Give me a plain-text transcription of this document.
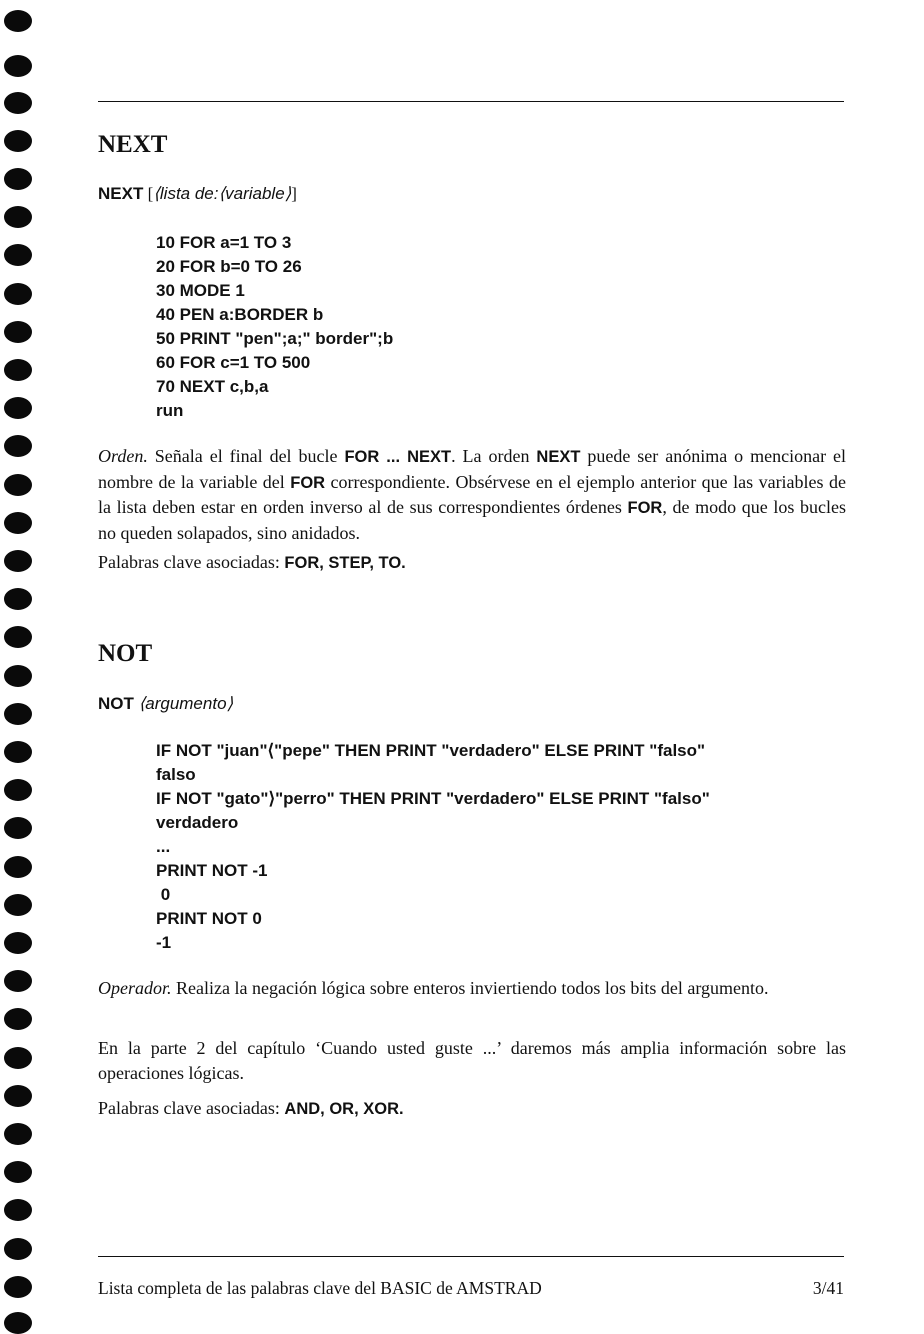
NEXT
NEXT [⟨lista de:⟨variable⟩]
10 FOR a=1 TO 3
20 FOR b=0 TO 26
30 MODE 1
40 PEN a:BORDER b
50 PRINT "pen";a;" border";b
60 FOR c=1 TO 500
70 NEXT c,b,a
run
Orden. Señala el final del bucle FOR ... NEXT. La orden NEXT puede ser anónima o mencionar el nombre de la variable del FOR correspondiente. Obsérvese en el ejemplo anterior que las variables de la lista deben estar en orden inverso al de sus correspondientes órdenes FOR, de modo que los bucles no queden solapados, sino anidados.
Palabras clave asociadas: FOR, STEP, TO.
NOT
NOT ⟨argumento⟩
IF NOT "juan"⟨"pepe" THEN PRINT "verdadero" ELSE PRINT "falso"
falso
IF NOT "gato"⟩"perro" THEN PRINT "verdadero" ELSE PRINT "falso"
verdadero
...
PRINT NOT -1
0
PRINT NOT 0
-1
Operador. Realiza la negación lógica sobre enteros inviertiendo todos los bits del argumento.
En la parte 2 del capítulo ‘Cuando usted guste ...’ daremos más amplia información sobre las operaciones lógicas.
Palabras clave asociadas: AND, OR, XOR.
Lista completa de las palabras clave del BASIC de AMSTRAD	3/41
